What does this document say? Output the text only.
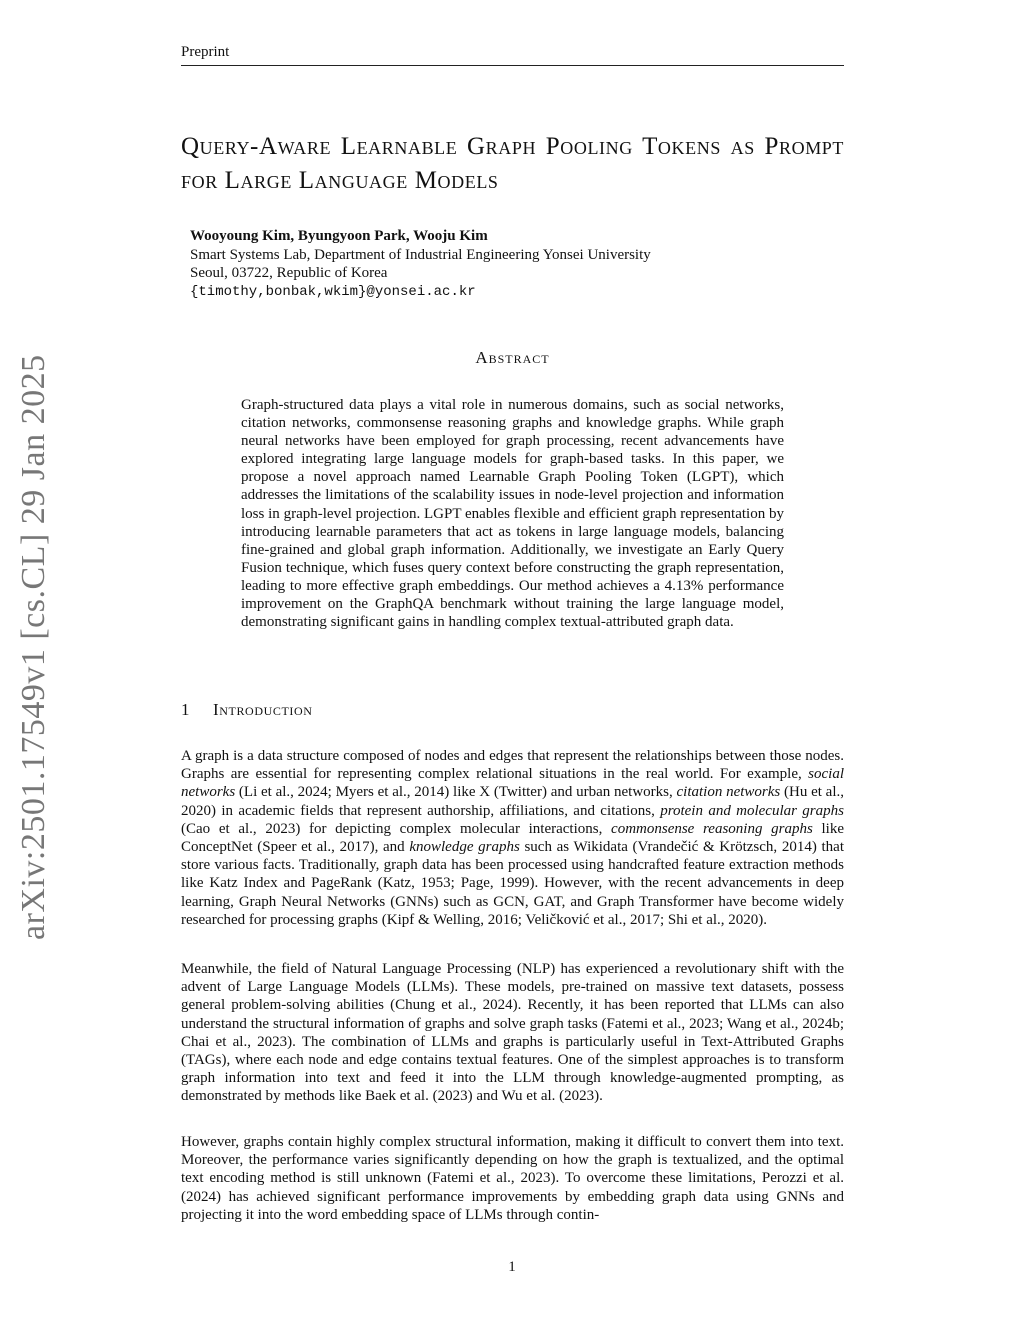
Preprint
arXiv:2501.17549v1 [cs.CL] 29 Jan 2025
Query-Aware Learnable Graph Pooling Tokens as Prompt for Large Language Models
Wooyoung Kim, Byungyoon Park, Wooju Kim
Smart Systems Lab, Department of Industrial Engineering Yonsei University
Seoul, 03722, Republic of Korea
{timothy,bonbak,wkim}@yonsei.ac.kr
Abstract
Graph-structured data plays a vital role in numerous domains, such as social networks, citation networks, commonsense reasoning graphs and knowledge graphs. While graph neural networks have been employed for graph processing, recent advancements have explored integrating large language models for graph-based tasks. In this paper, we propose a novel approach named Learnable Graph Pooling Token (LGPT), which addresses the limitations of the scalability issues in node-level projection and information loss in graph-level projection. LGPT enables flexible and efficient graph representation by introducing learnable parameters that act as tokens in large language models, balancing fine-grained and global graph information. Additionally, we investigate an Early Query Fusion technique, which fuses query context before constructing the graph representation, leading to more effective graph embeddings. Our method achieves a 4.13% performance improvement on the GraphQA benchmark without training the large language model, demonstrating significant gains in handling complex textual-attributed graph data.
1 Introduction

A graph is a data structure composed of nodes and edges that represent the relationships between those nodes. Graphs are essential for representing complex relational situations in the real world. For example, social networks (Li et al., 2024; Myers et al., 2014) like X (Twitter) and urban networks, citation networks (Hu et al., 2020) in academic fields that represent authorship, affiliations, and citations, protein and molecular graphs (Cao et al., 2023) for depicting complex molecular interactions, commonsense reasoning graphs like ConceptNet (Speer et al., 2017), and knowledge graphs such as Wikidata (Vrandečić & Krötzsch, 2014) that store various facts. Traditionally, graph data has been processed using handcrafted feature extraction methods like Katz Index and PageRank (Katz, 1953; Page, 1999). However, with the recent advancements in deep learning, Graph Neural Networks (GNNs) such as GCN, GAT, and Graph Transformer have become widely researched for processing graphs (Kipf & Welling, 2016; Veličković et al., 2017; Shi et al., 2020).

Meanwhile, the field of Natural Language Processing (NLP) has experienced a revolutionary shift with the advent of Large Language Models (LLMs). These models, pre-trained on massive text datasets, possess general problem-solving abilities (Chung et al., 2024). Recently, it has been reported that LLMs can also understand the structural information of graphs and solve graph tasks (Fatemi et al., 2023; Wang et al., 2024b; Chai et al., 2023). The combination of LLMs and graphs is particularly useful in Text-Attributed Graphs (TAGs), where each node and edge contains textual features. One of the simplest approaches is to transform graph information into text and feed it into the LLM through knowledge-augmented prompting, as demonstrated by methods like Baek et al. (2023) and Wu et al. (2023).

However, graphs contain highly complex structural information, making it difficult to convert them into text. Moreover, the performance varies significantly depending on how the graph is textualized, and the optimal text encoding method is still unknown (Fatemi et al., 2023). To overcome these limitations, Perozzi et al. (2024) has achieved significant performance improvements by embedding graph data using GNNs and projecting it into the word embedding space of LLMs through contin-

1
